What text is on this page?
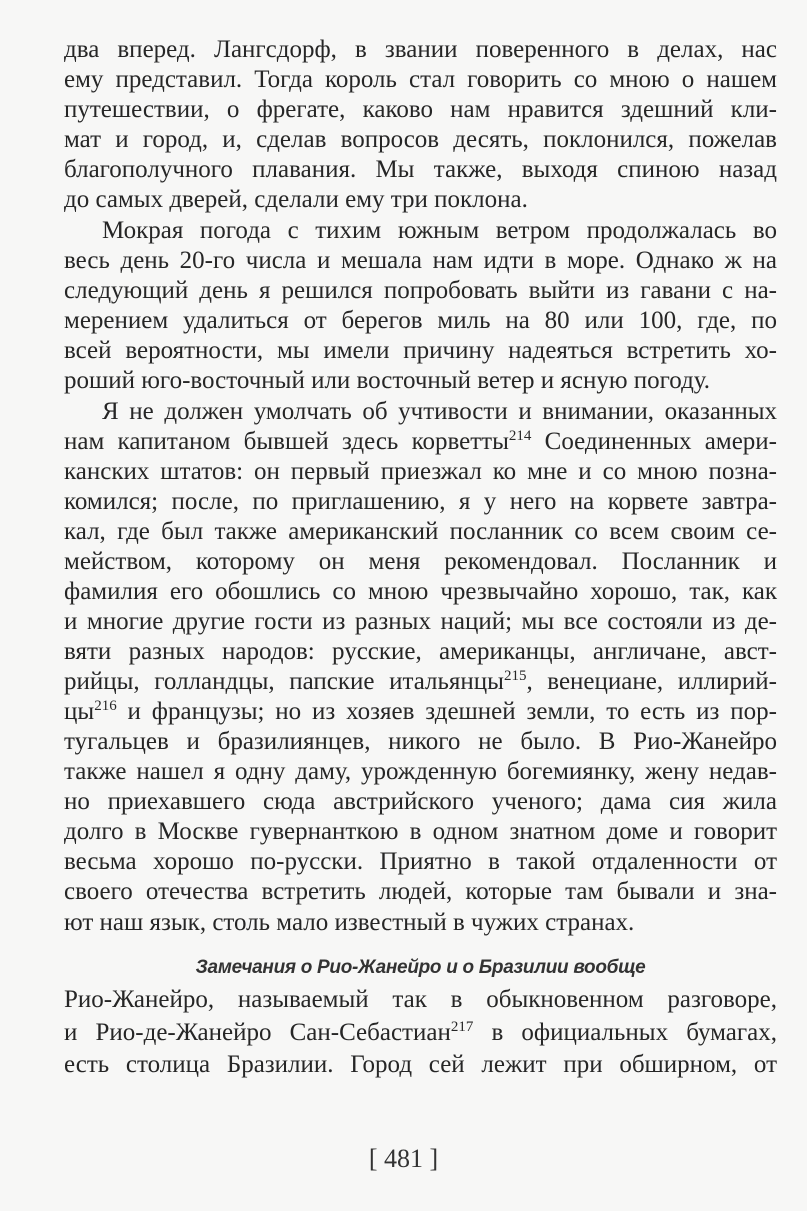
два вперед. Лангсдорф, в звании поверенного в делах, нас
ему представил. Тогда король стал говорить со мною о нашем
путешествии, о фрегате, каково нам нравится здешний кли-
мат и город, и, сделав вопросов десять, поклонился, пожелав
благополучного плавания. Мы также, выходя спиною назад
до самых дверей, сделали ему три поклона.
Мокрая погода с тихим южным ветром продолжалась во
весь день 20-го числа и мешала нам идти в море. Однако ж на
следующий день я решился попробовать выйти из гавани с на-
мерением удалиться от берегов миль на 80 или 100, где, по
всей вероятности, мы имели причину надеяться встретить хо-
роший юго-восточный или восточный ветер и ясную погоду.
Я не должен умолчать об учтивости и внимании, оказанных
нам капитаном бывшей здесь корветты$^{214}$ Соединенных амери-
канских штатов: он первый приезжал ко мне и со мною позна-
комился; после, по приглашению, я у него на корвете завтра-
кал, где был также американский посланник со всем своим се-
мейством, которому он меня рекомендовал. Посланник и
фамилия его обошлись со мною чрезвычайно хорошо, так, как
и многие другие гости из разных наций; мы все состояли из де-
вяти разных народов: русские, американцы, англичане, авст-
рийцы, голландцы, папские итальянцы$^{215}$, венециане, иллирий-
$цы^{216}$ и французы; но из хозяев здешней земли, то есть из пор-
тугальцев и бразилиянцев, никого не было. В Рио-Жанейро
также нашел я одну даму, урожденную богемиянку, жену недав-
но приехавшего сюда австрийского ученого; дама сия жила
долго в Москве гувернанткою в одном знатном доме и говорит
весьма хорошо по-русски. Приятно в такой отдаленности от
своего отечества встретить людей, которые там бывали и зна-
ют наш язык, столь мало известный в чужих странах.
Замечания о Рио-Жанейро и о Бразилии вообще
Рио-Жанейро, называемый так в обыкновенном разговоре,
и Рио-де-Жанейро Сан-Себастиан$^{217}$ в официальных бумагах,
есть столица Бразилии. Город сей лежит при обширном, от
[ 481 ]
